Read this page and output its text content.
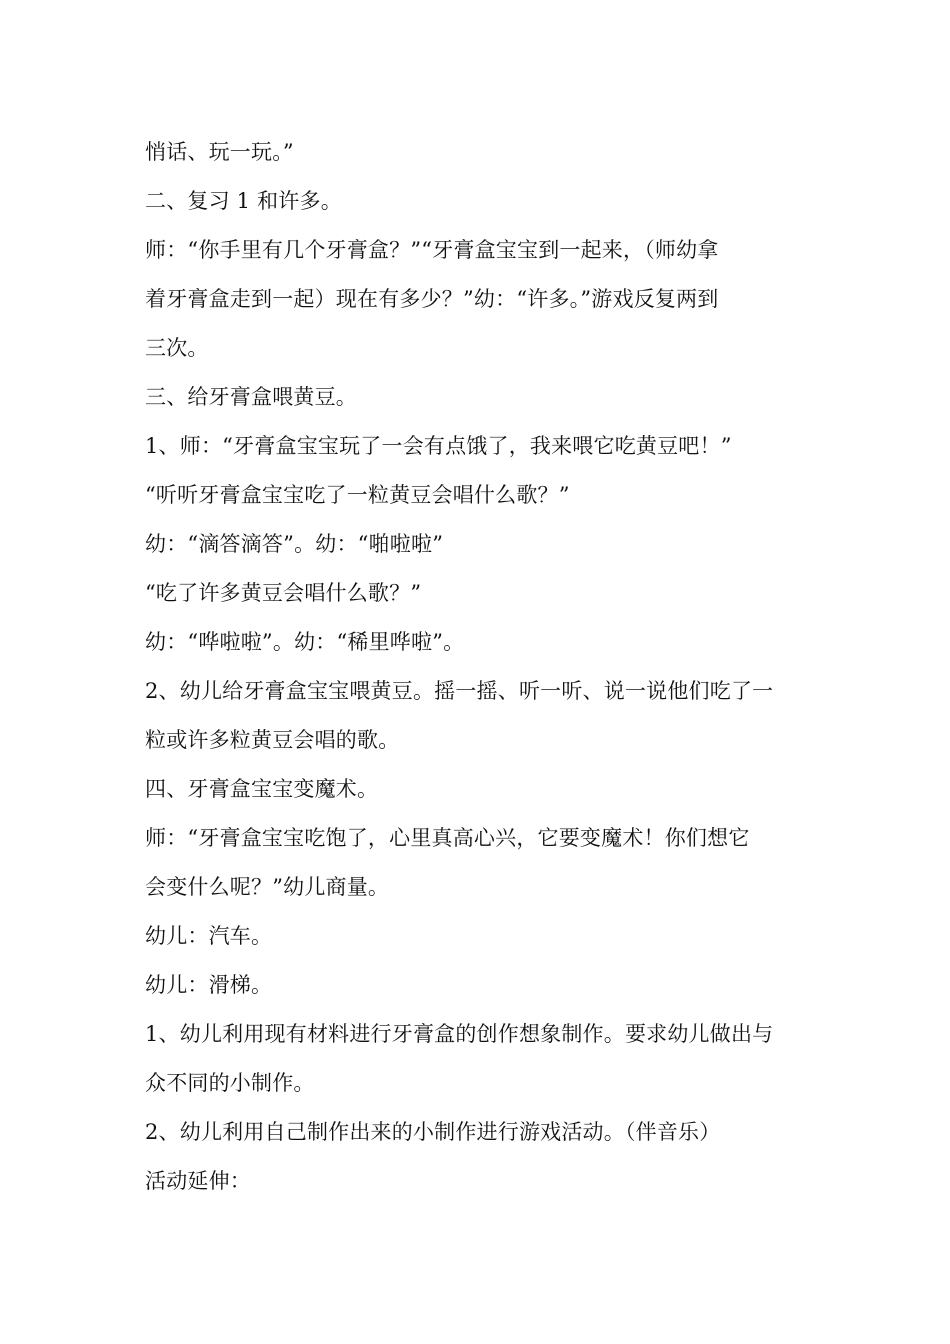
悄话、玩一玩。”
二、复习 1 和许多。
师：“你手里有几个牙膏盒？”“牙膏盒宝宝到一起来，（师幼拿
着牙膏盒走到一起）现在有多少？”幼：“许多。”游戏反复两到
三次。
三、给牙膏盒喂黄豆。
1、师：“牙膏盒宝宝玩了一会有点饿了，我来喂它吃黄豆吧！”
“听听牙膏盒宝宝吃了一粒黄豆会唱什么歌？”
幼：“滴答滴答”。幼：“啪啦啦”
“吃了许多黄豆会唱什么歌？”
幼：“哗啦啦”。幼：“稀里哗啦”。
2、幼儿给牙膏盒宝宝喂黄豆。摇一摇、听一听、说一说他们吃了一
粒或许多粒黄豆会唱的歌。
四、牙膏盒宝宝变魔术。
师：“牙膏盒宝宝吃饱了，心里真高心兴，它要变魔术！你们想它
会变什么呢？”幼儿商量。
幼儿：汽车。
幼儿：滑梯。
1、幼儿利用现有材料进行牙膏盒的创作想象制作。要求幼儿做出与
众不同的小制作。
2、幼儿利用自己制作出来的小制作进行游戏活动。（伴音乐）
活动延伸：
